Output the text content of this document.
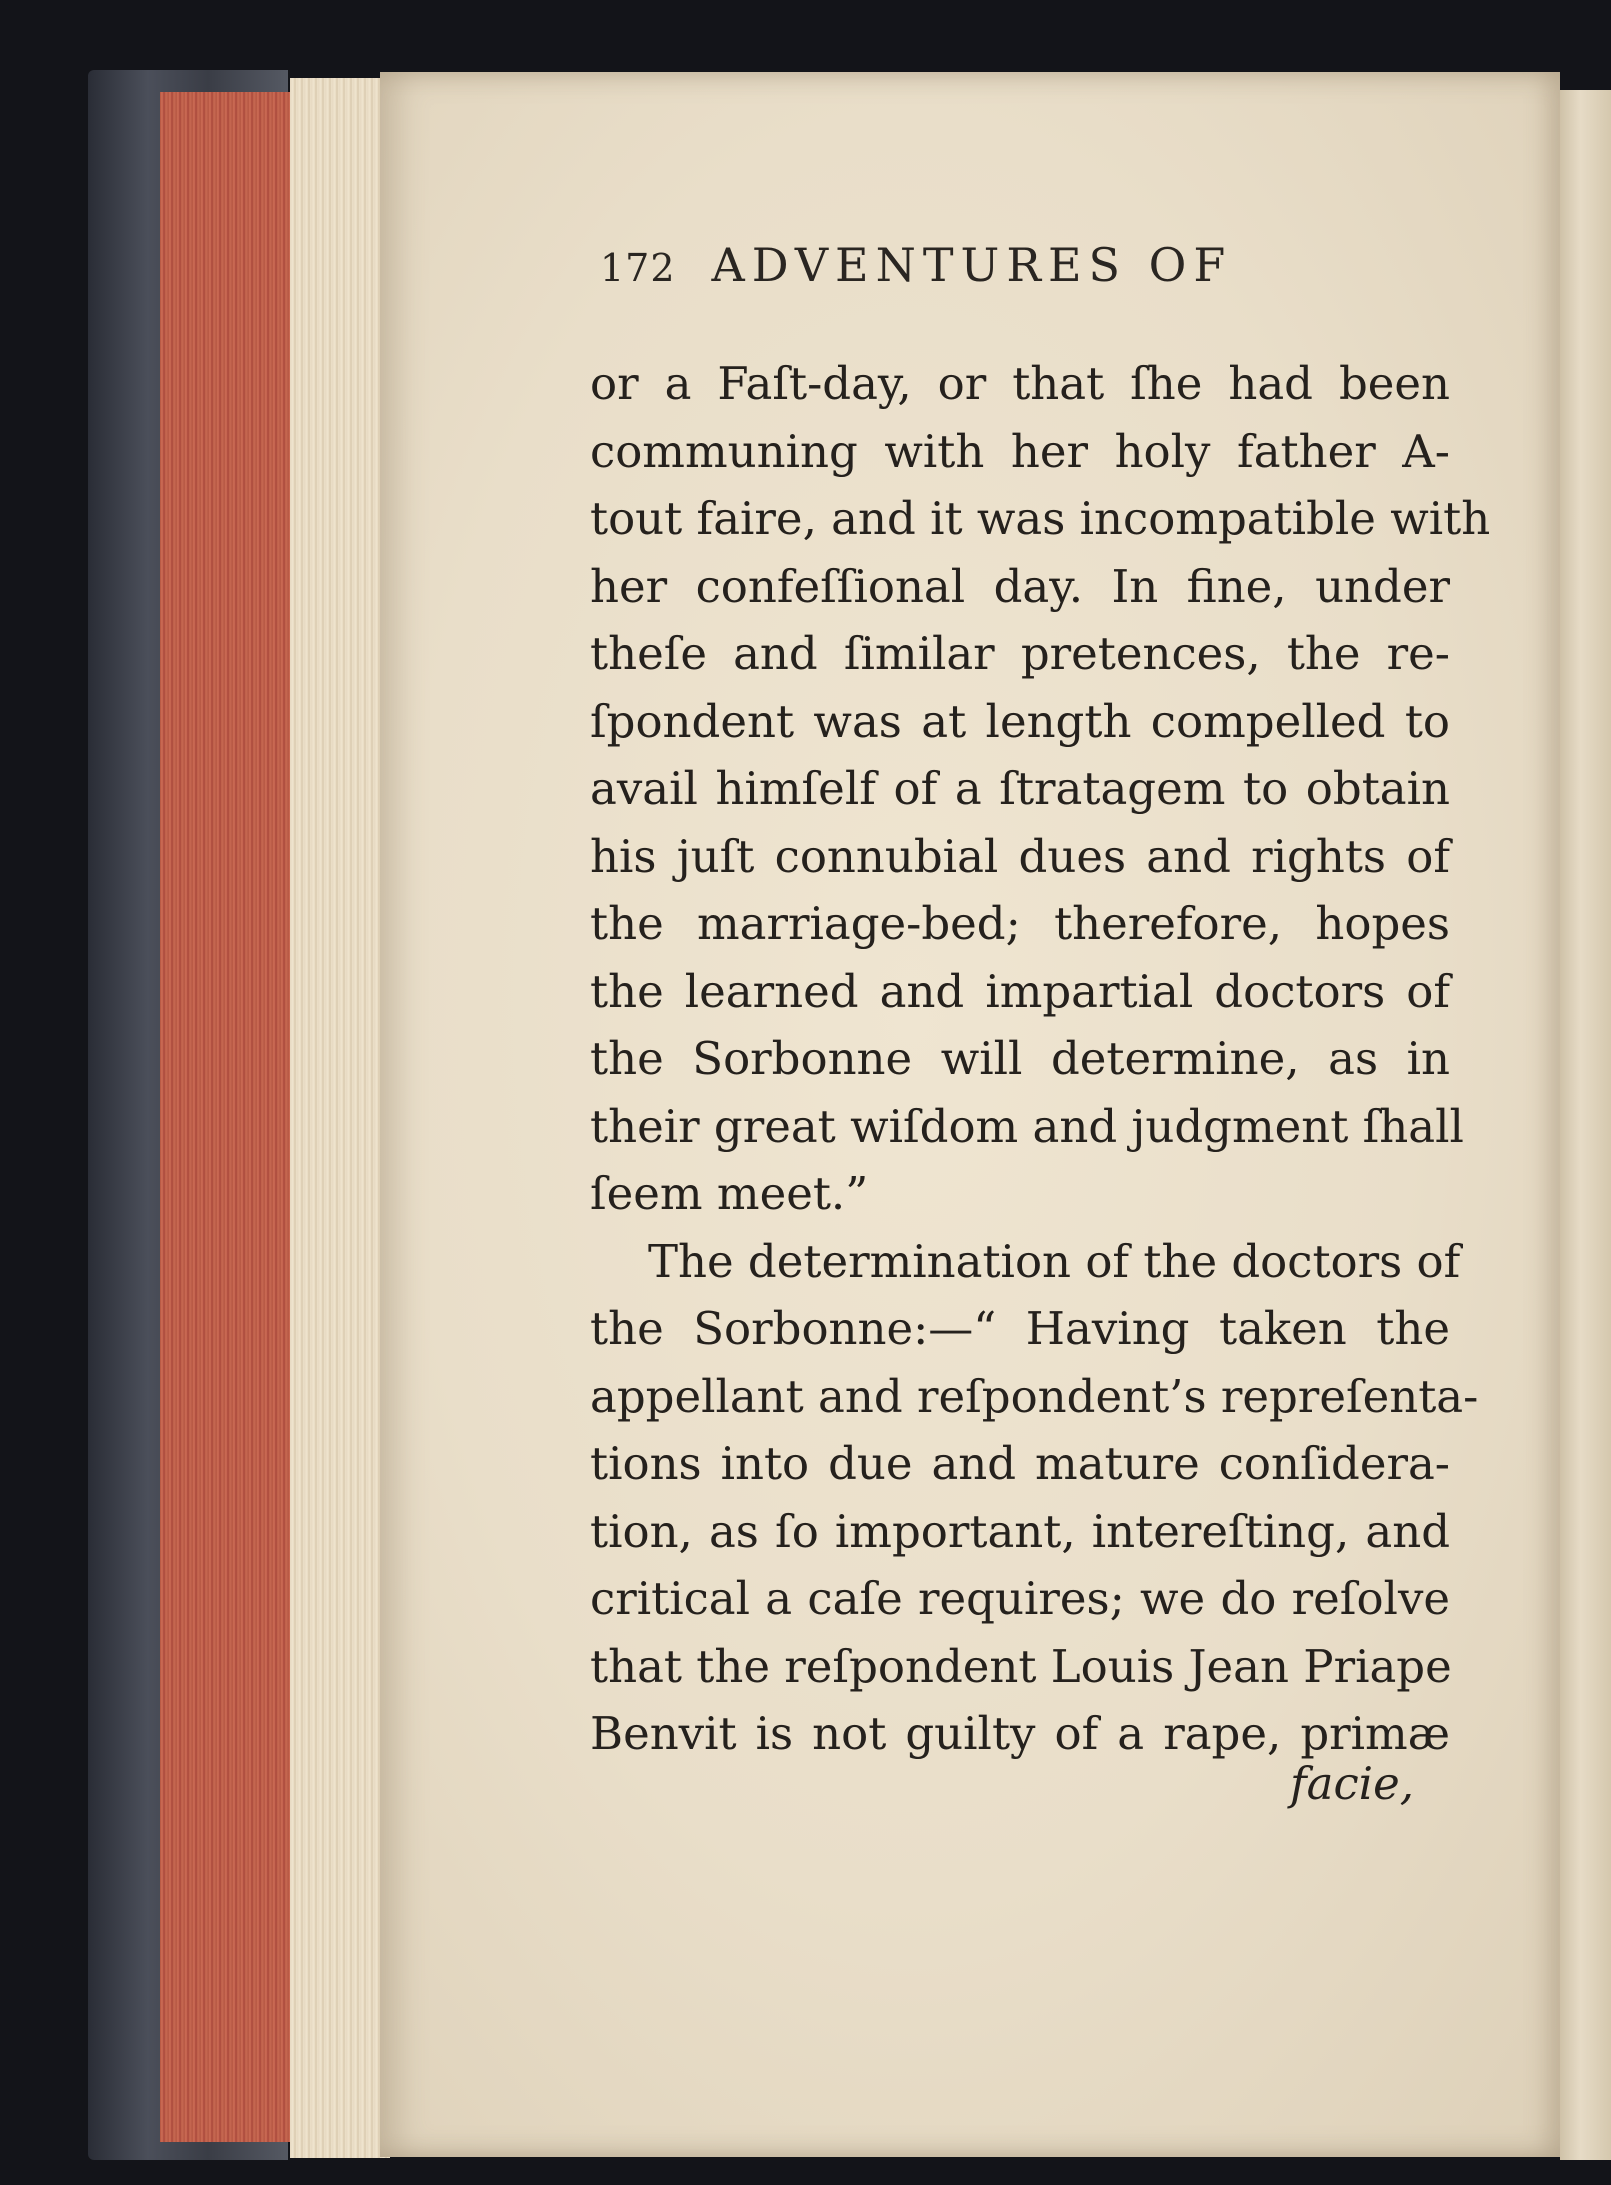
172 ADVENTURES OF
or a Faſt-day, or that ſhe had been
communing with her holy father A-
tout faire, and it was incompatible with
her confeſſional day. In fine, under
theſe and ſimilar pretences, the re-
ſpondent was at length compelled to
avail himſelf of a ſtratagem to obtain
his juſt connubial dues and rights of
the marriage-bed; therefore, hopes
the learned and impartial doctors of
the Sorbonne will determine, as in
their great wiſdom and judgment ſhall
ſeem meet.”
The determination of the doctors of
the Sorbonne:—“ Having taken the
appellant and reſpondent’s repreſenta-
tions into due and mature conſidera-
tion, as ſo important, intereſting, and
critical a caſe requires; we do reſolve
that the reſpondent Louis Jean Priape
Benvit is not guilty of a rape, primæ
facie,
